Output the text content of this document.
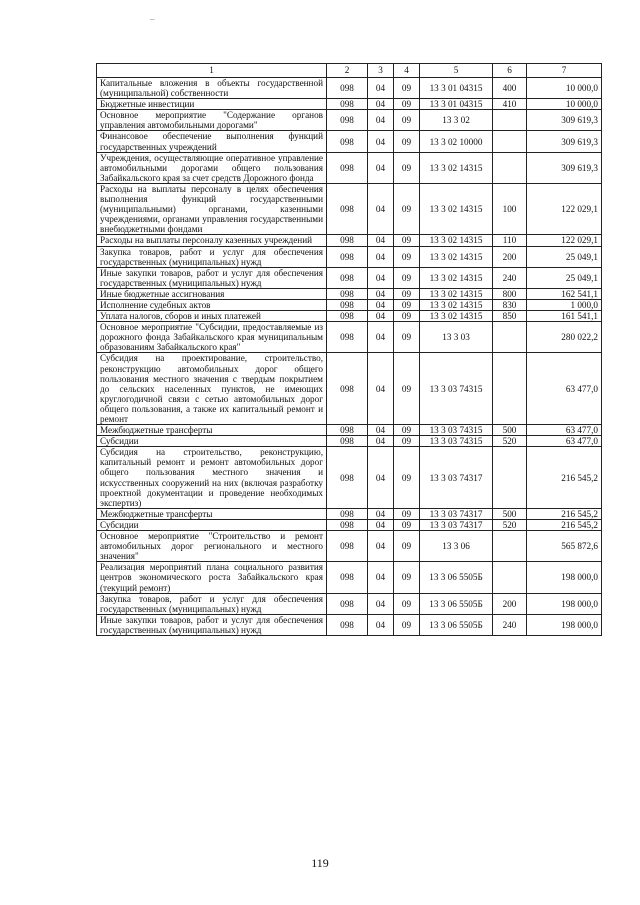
–
1	2	3	4	5	6	7
Капитальные вложения в объекты государственной (муниципальной) собственности	098	04	09	13 3 01 04315	400	10 000,0
Бюджетные инвестиции	098	04	09	13 3 01 04315	410	10 000,0
Основное мероприятие "Содержание органов управления автомобильными дорогами"	098	04	09	13 3 02		309 619,3
Финансовое обеспечение выполнения функций государственных учреждений	098	04	09	13 3 02 10000		309 619,3
Учреждения, осуществляющие оперативное управление автомобильными дорогами общего пользования Забайкальского края за счет средств Дорожного фонда	098	04	09	13 3 02 14315		309 619,3
Расходы на выплаты персоналу в целях обеспечения выполнения функций государственными (муниципальными) органами, казенными учреждениями, органами управления государственными внебюджетными фондами	098	04	09	13 3 02 14315	100	122 029,1
Расходы на выплаты персоналу казенных учреждений	098	04	09	13 3 02 14315	110	122 029,1
Закупка товаров, работ и услуг для обеспечения государственных (муниципальных) нужд	098	04	09	13 3 02 14315	200	25 049,1
Иные закупки товаров, работ и услуг для обеспечения государственных (муниципальных) нужд	098	04	09	13 3 02 14315	240	25 049,1
Иные бюджетные ассигнования	098	04	09	13 3 02 14315	800	162 541,1
Исполнение судебных актов	098	04	09	13 3 02 14315	830	1 000,0
Уплата налогов, сборов и иных платежей	098	04	09	13 3 02 14315	850	161 541,1
Основное мероприятие "Субсидии, предоставляемые из дорожного фонда Забайкальского края муниципальным образованиям Забайкальского края"	098	04	09	13 3 03		280 022,2
Субсидия на проектирование, строительство, реконструкцию автомобильных дорог общего пользования местного значения с твердым покрытием до сельских населенных пунктов, не имеющих круглогодичной связи с сетью автомобильных дорог общего пользования, а также их капитальный ремонт и ремонт	098	04	09	13 3 03 74315		63 477,0
Межбюджетные трансферты	098	04	09	13 3 03 74315	500	63 477,0
Субсидии	098	04	09	13 3 03 74315	520	63 477,0
Субсидия на строительство, реконструкцию, капитальный ремонт и ремонт автомобильных дорог общего пользования местного значения и искусственных сооружений на них (включая разработку проектной документации и проведение необходимых экспертиз)	098	04	09	13 3 03 74317		216 545,2
Межбюджетные трансферты	098	04	09	13 3 03 74317	500	216 545,2
Субсидии	098	04	09	13 3 03 74317	520	216 545,2
Основное мероприятие "Строительство и ремонт автомобильных дорог регионального и местного значения"	098	04	09	13 3 06		565 872,6
Реализация мероприятий плана социального развития центров экономического роста Забайкальского края (текущий ремонт)	098	04	09	13 3 06 5505Б		198 000,0
Закупка товаров, работ и услуг для обеспечения государственных (муниципальных) нужд	098	04	09	13 3 06 5505Б	200	198 000,0
Иные закупки товаров, работ и услуг для обеспечения государственных (муниципальных) нужд	098	04	09	13 3 06 5505Б	240	198 000,0
119
